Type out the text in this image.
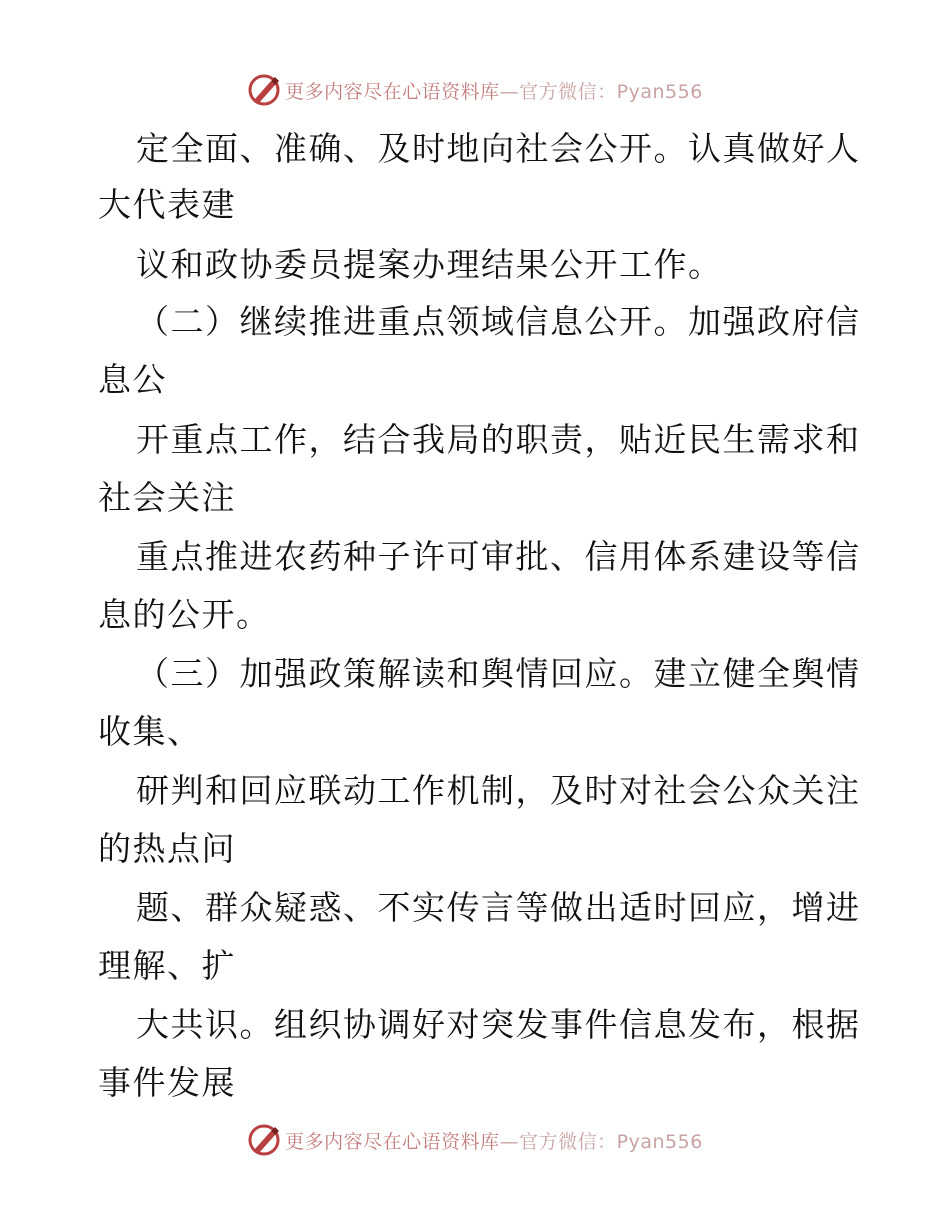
更多内容尽在心语资料库—官方微信：Pyan556
定全面、准确、及时地向社会公开。认真做好人
大代表建
议和政协委员提案办理结果公开工作。
（二）继续推进重点领域信息公开。加强政府信
息公
开重点工作，结合我局的职责，贴近民生需求和
社会关注
重点推进农药种子许可审批、信用体系建设等信
息的公开。
（三）加强政策解读和舆情回应。建立健全舆情
收集、
研判和回应联动工作机制，及时对社会公众关注
的热点问
题、群众疑惑、不实传言等做出适时回应，增进
理解、扩
大共识。组织协调好对突发事件信息发布，根据
事件发展
更多内容尽在心语资料库—官方微信：Pyan556
